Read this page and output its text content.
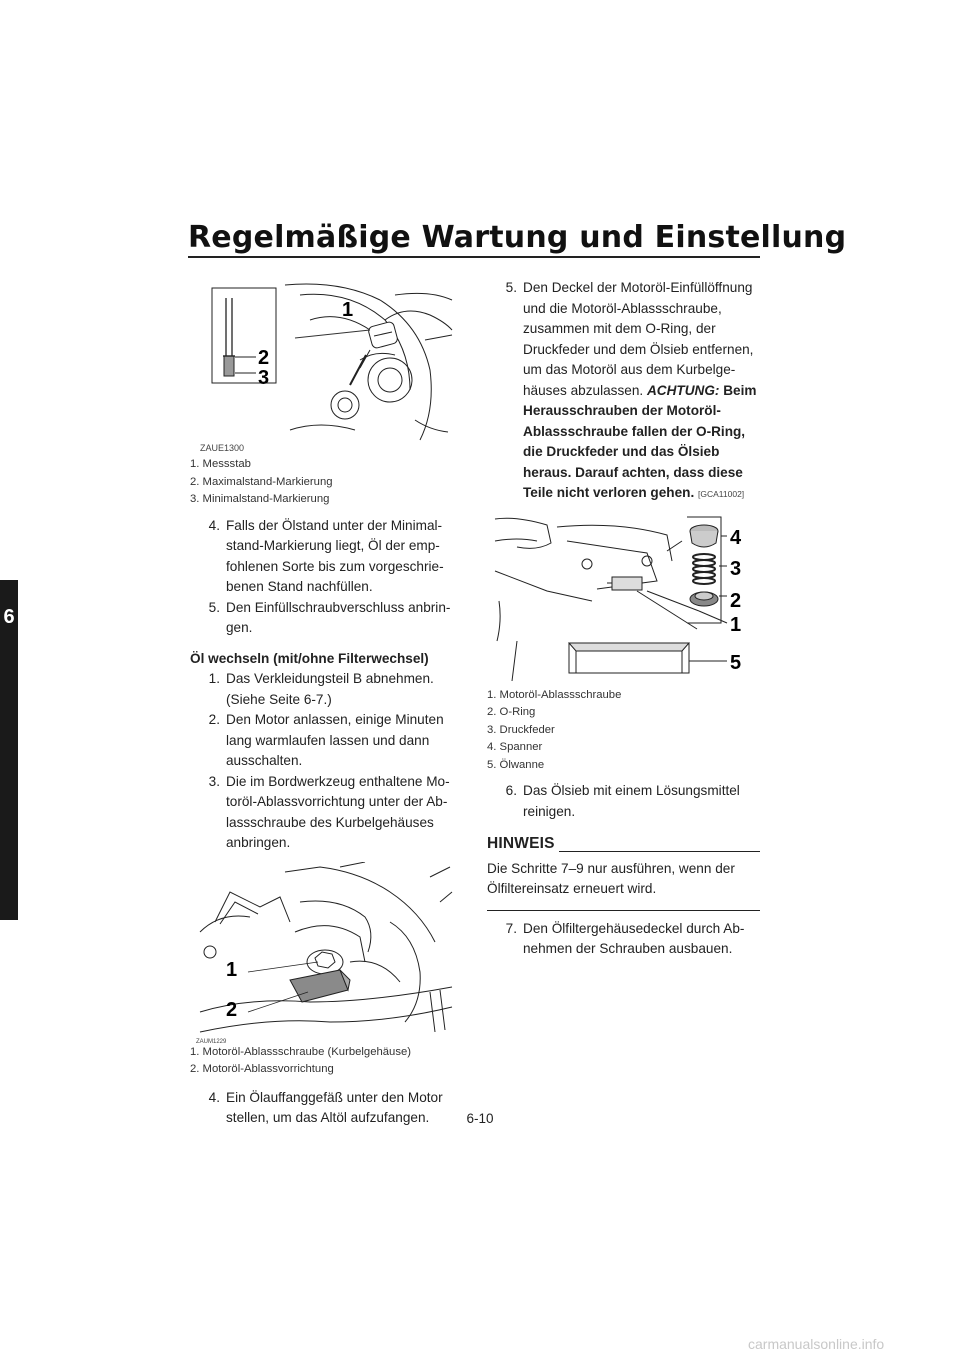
Regelmäßige Wartung und Einstellung
6
1
2
3
ZAUE1300
1. Messstab
2. Maximalstand-Markierung
3. Minimalstand-Markierung
4. Falls der Ölstand unter der Minimalstand-Markierung liegt, Öl der empfohlenen Sorte bis zum vorgeschriebenen Stand nachfüllen.
5. Den Einfüllschraubverschluss anbringen.
Öl wechseln (mit/ohne Filterwechsel)
1. Das Verkleidungsteil B abnehmen. (Siehe Seite 6-7.)
2. Den Motor anlassen, einige Minuten lang warmlaufen lassen und dann ausschalten.
3. Die im Bordwerkzeug enthaltene Motoröl-Ablassvorrichtung unter der Ablassschraube des Kurbelgehäuses anbringen.
1
2
ZAUM1229
1. Motoröl-Ablassschraube (Kurbelgehäuse)
2. Motoröl-Ablassvorrichtung
4. Ein Ölauffanggefäß unter den Motor stellen, um das Altöl aufzufangen.
5. Den Deckel der Motoröl-Einfüllöffnung und die Motoröl-Ablassschraube, zusammen mit dem O-Ring, der Druckfeder und dem Ölsieb entfernen, um das Motoröl aus dem Kurbelgehäuses abzulassen. ACHTUNG: Beim Herausschrauben der Motoröl-Ablassschraube fallen der O-Ring, die Druckfeder und das Ölsieb heraus. Darauf achten, dass diese Teile nicht verloren gehen. [GCA11002]
4
3
2
1
5
1. Motoröl-Ablassschraube
2. O-Ring
3. Druckfeder
4. Spanner
5. Ölwanne
6. Das Ölsieb mit einem Lösungsmittel reinigen.
HINWEIS
Die Schritte 7–9 nur ausführen, wenn der Ölfiltereinsatz erneuert wird.
7. Den Ölfiltergehäusedeckel durch Abnehmen der Schrauben ausbauen.
6-10
carmanualsonline.info
